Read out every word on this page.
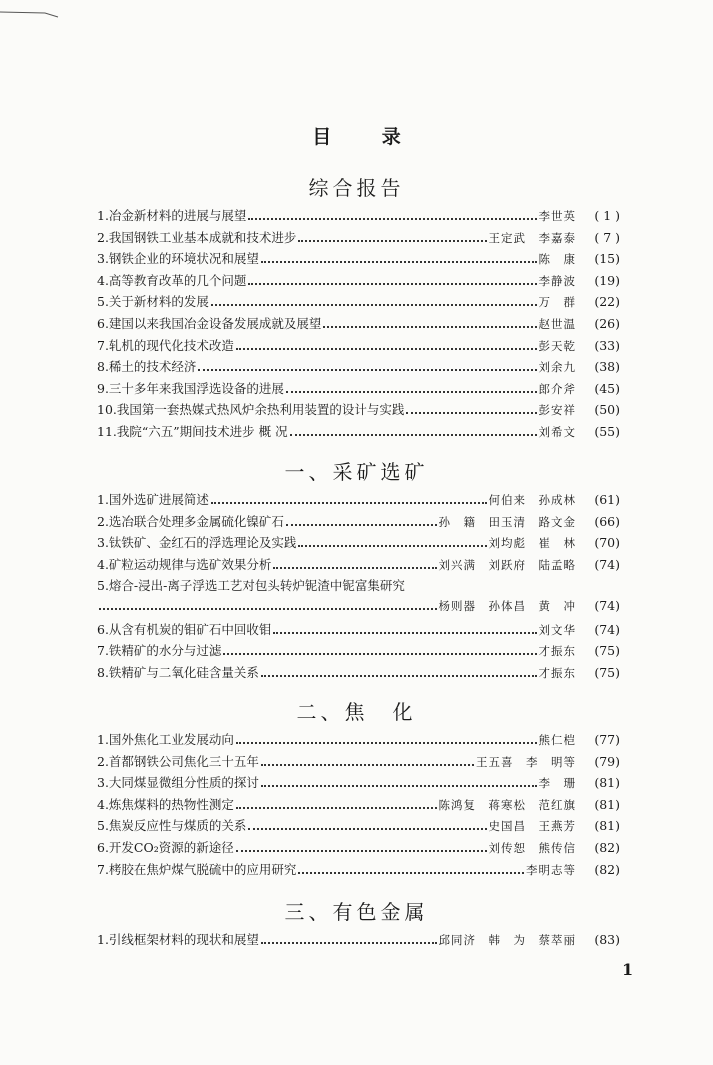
目 录
综合报告
1.冶金新材料的进展与展望	李世英	( 1 )
2.我国钢铁工业基本成就和技术进步	王定武　李嘉泰	( 7 )
3.钢铁企业的环境状况和展望	陈　康	(15)
4.高等教育改革的几个问题	李静波	(19)
5.关于新材料的发展	万　群	(22)
6.建国以来我国冶金设备发展成就及展望	赵世温	(26)
7.轧机的现代化技术改造	彭天乾	(33)
8.稀土的技术经济	刘余九	(38)
9.三十多年来我国浮选设备的进展	郎介斧	(45)
10.我国第一套热媒式热风炉余热利用装置的设计与实践	彭安祥	(50)
11.我院“六五”期间技术进步 概 况	刘希文	(55)
一、采矿选矿
1.国外选矿进展简述	何伯来　孙成林	(61)
2.选冶联合处理多金属硫化镍矿石	孙　籍　田玉清　路文金	(66)
3.钛铁矿、金红石的浮选理论及实践	刘均彪　崔　林	(70)
4.矿粒运动规律与选矿效果分析	刘兴满　刘跃府　陆孟略	(74)
5.熔合-浸出-离子浮选工艺对包头转炉铌渣中铌富集研究
杨则器　孙体昌　黄　冲	(74)
6.从含有机炭的钼矿石中回收钼	刘文华	(74)
7.铁精矿的水分与过滤	才振东	(75)
8.铁精矿与二氧化硅含量关系	才振东	(75)
二、焦　化
1.国外焦化工业发展动向	熊仁桤	(77)
2.首都钢铁公司焦化三十五年	王五喜　李　明等	(79)
3.大同煤显微组分性质的探讨	李　珊	(81)
4.炼焦煤料的热物性测定	陈鸿复　蒋寒松　范红旗	(81)
5.焦炭反应性与煤质的关系	史国昌　王燕芳	(81)
6.开发CO₂资源的新途径	刘传恕　熊传信	(82)
7.栲胶在焦炉煤气脱硫中的应用研究	李明志等	(82)
三、有色金属
1.引线框架材料的现状和展望	邱同济　韩　为　蔡萃丽	(83)
1
